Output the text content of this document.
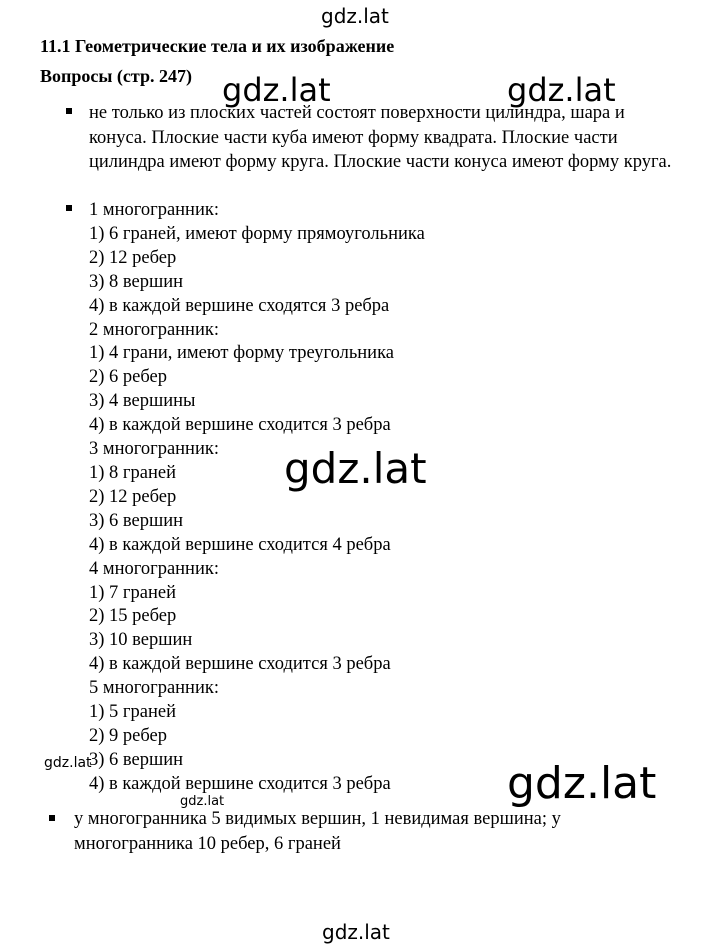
11.1 Геометрические тела и их изображение
Вопросы (стр. 247)
не только из плоских частей состоят поверхности цилиндра, шара и конуса. Плоские части куба имеют форму квадрата. Плоские части цилиндра имеют форму круга. Плоские части конуса имеют форму круга.
1 многогранник:
1) 6 граней, имеют форму прямоугольника
2) 12 ребер
3) 8 вершин
4) в каждой вершине сходятся 3 ребра
2 многогранник:
1) 4 грани, имеют форму треугольника
2) 6 ребер
3) 4 вершины
4) в каждой вершине сходится 3 ребра
3 многогранник:
1) 8 граней
2) 12 ребер
3) 6 вершин
4) в каждой вершине сходится 4 ребра
4 многогранник:
1) 7 граней
2) 15 ребер
3) 10 вершин
4) в каждой вершине сходится 3 ребра
5 многогранник:
1) 5 граней
2) 9 ребер
3) 6 вершин
4) в каждой вершине сходится 3 ребра
у многогранника 5 видимых вершин, 1 невидимая вершина; у многогранника 10 ребер, 6 граней
gdz.lat
gdz.lat	gdz.lat
gdz.lat
gdz.lat
gdz.lat	gdz.lat
gdz.lat
